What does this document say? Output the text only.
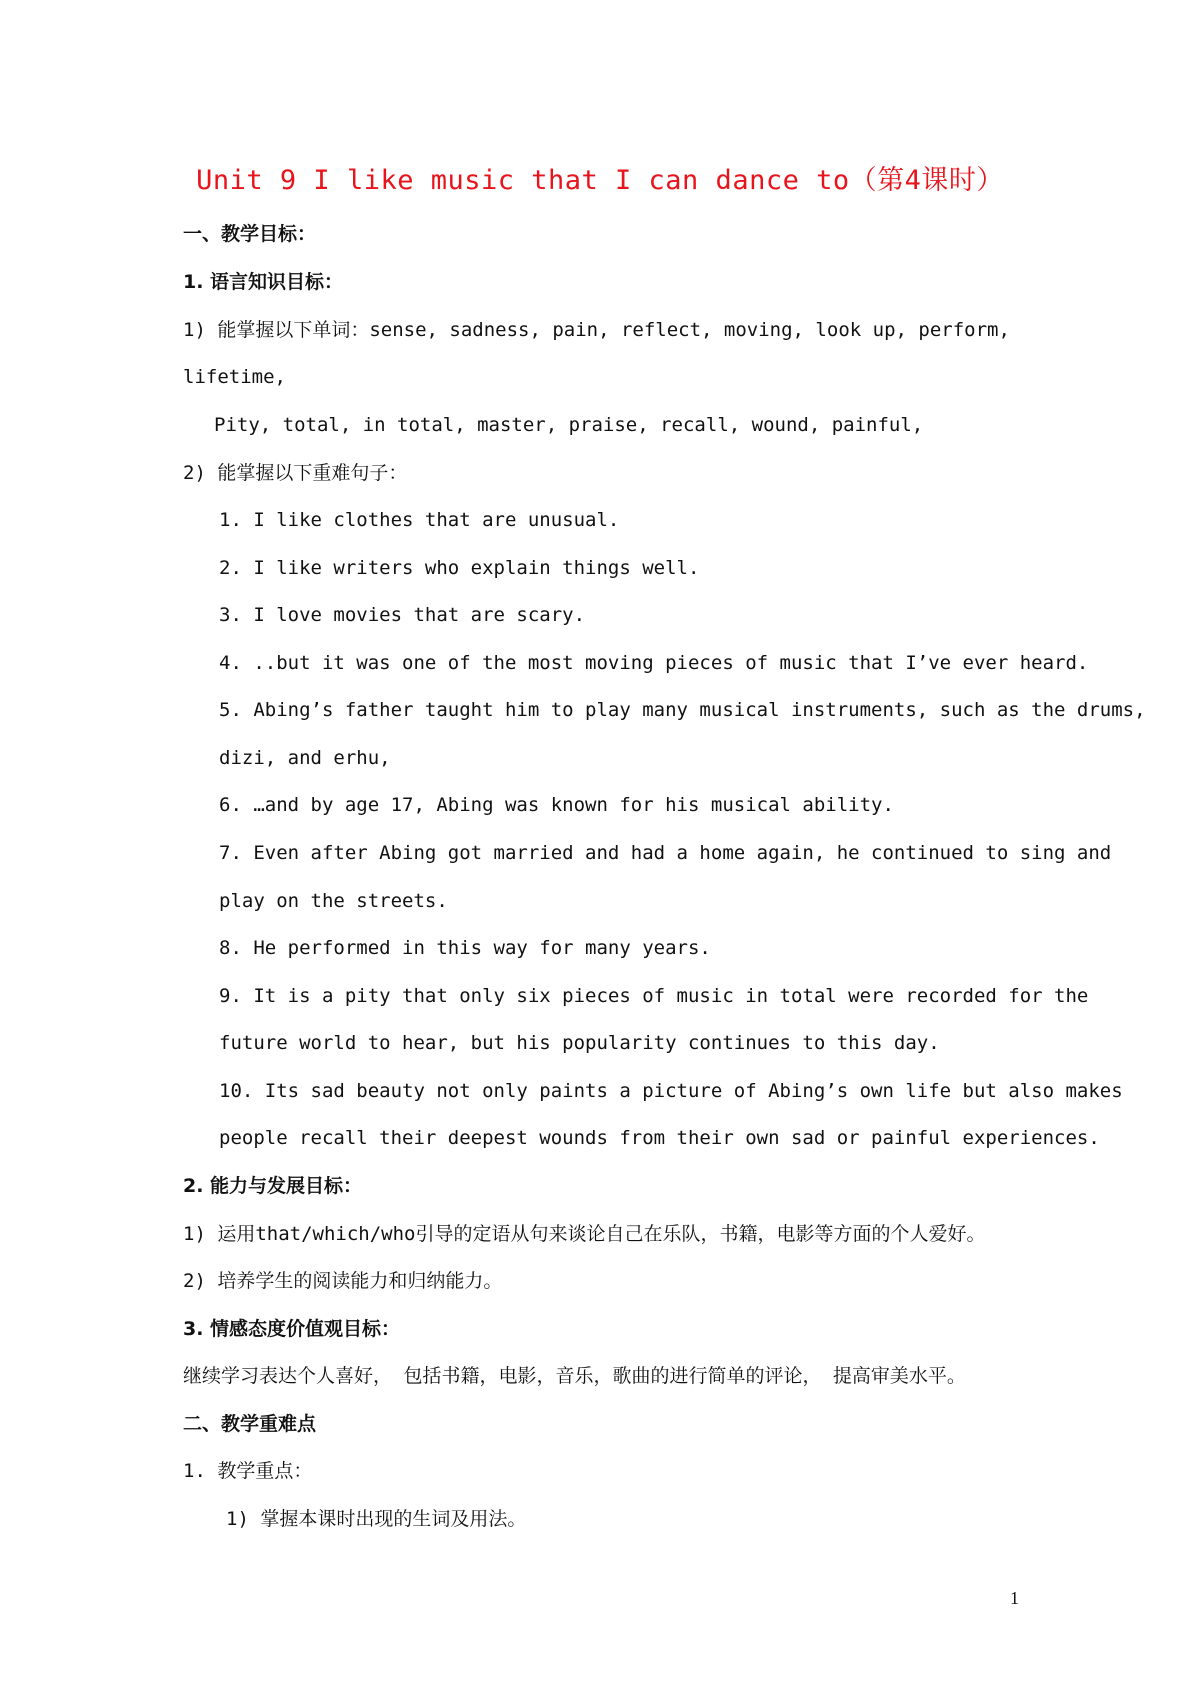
Unit 9 I like music that I can dance to（第4课时）
一、教学目标：
1. 语言知识目标：
1) 能掌握以下单词：sense, sadness, pain, reflect, moving, look up, perform,
lifetime,
Pity, total, in total, master, praise, recall, wound, painful,
2) 能掌握以下重难句子：
1. I like clothes that are unusual.
2. I like writers who explain things well.
3. I love movies that are scary.
4. ..but it was one of the most moving pieces of music that I’ve ever heard.
5. Abing’s father taught him to play many musical instruments, such as the drums,
dizi, and erhu,
6. …and by age 17, Abing was known for his musical ability.
7. Even after Abing got married and had a home again, he continued to sing and
play on the streets.
8. He performed in this way for many years.
9. It is a pity that only six pieces of music in total were recorded for the
future world to hear, but his popularity continues to this day.
10. Its sad beauty not only paints a picture of Abing’s own life but also makes
people recall their deepest wounds from their own sad or painful experiences.
2. 能力与发展目标：
1) 运用that/which/who引导的定语从句来谈论自己在乐队，书籍，电影等方面的个人爱好。
2) 培养学生的阅读能力和归纳能力。
3. 情感态度价值观目标：
继续学习表达个人喜好， 包括书籍，电影，音乐，歌曲的进行简单的评论， 提高审美水平。
二、教学重难点
1. 教学重点：
1) 掌握本课时出现的生词及用法。
1
